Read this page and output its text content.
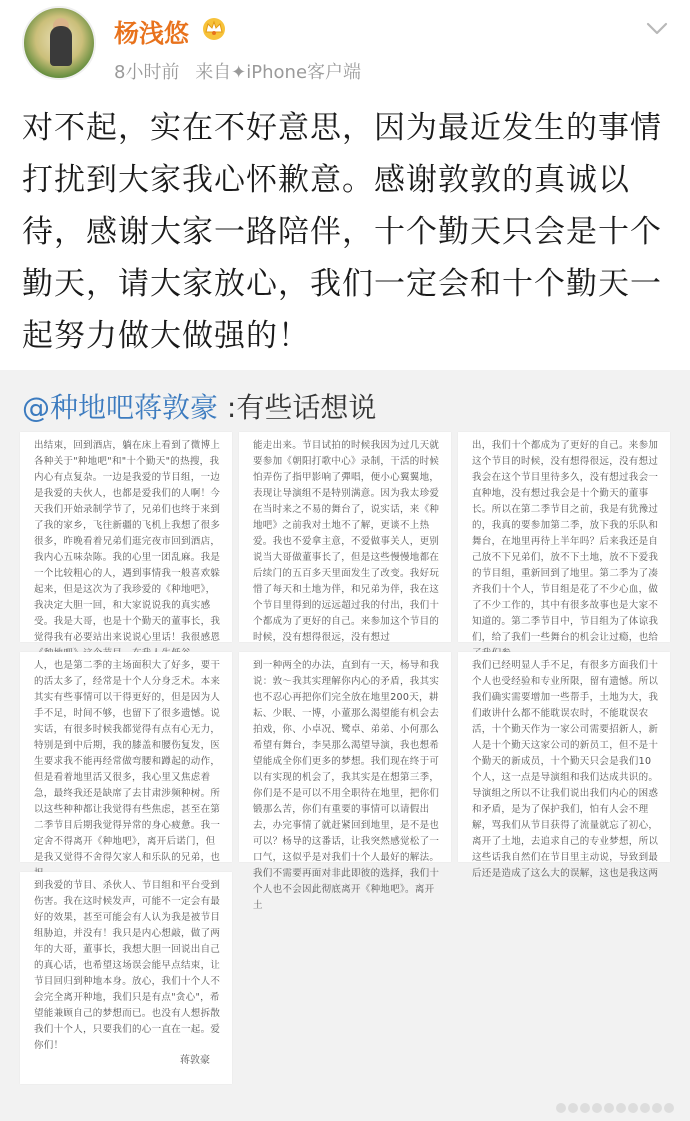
杨浅悠
8小时前 来自✦iPhone客户端
对不起，实在不好意思，因为最近发生的事情打扰到大家我心怀歉意。感谢敦敦的真诚以待，感谢大家一路陪伴，十个勤天只会是十个勤天，请大家放心，我们一定会和十个勤天一起努力做大做强的！
@种地吧蒋敦豪 :有些话想说
出结束，回到酒店，躺在床上看到了微博上各种关于"种地吧"和"十个勤天"的热搜，我内心有点复杂。一边是我爱的节目组，一边是我爱的夫伙人，也都是爱我们的人啊！今天我们开始录制学节了，兄弟们也终于来到了我的家乡，飞往新疆的飞机上我想了很多很多，昨晚看着兄弟们逛完夜市回到酒店，我内心五味杂陈。我的心里一团乱麻。我是一个比较粗心的人，遇到事情我一般喜欢躲起来，但是这次为了我珍爱的《种地吧》，我决定大胆一回，和大家说说我的真实感受。我是大哥，也是十个勤天的董事长，我觉得我有必要站出来说说心里话！我很感恩
能走出来。节目试拍的时候我因为过几天就要参加《朝阳打歌中心》录制，干活的时候怕弄伤了指甲影响了彈唱，便小心翼翼地，表现让导演组不是特别满意。因为我太珍爱在当时来之不易的舞台了，说实话，来《种地吧》之前我对土地不了解，更谈不上热爱。我也不爱拿主意，不爱做事关人，更别说当大哥做董事长了，但是这些慢慢地都在后续门的五百多天里面发生了改变。我好玩惜了每天和土地为伴，和兄弟为伴，我在这个节目里得到的远远超过我的付出，我们十个都成为了更好的自己。来参加这个节目的时候，没有想得很远，没有想过
出，我们十个都成为了更好的自己。来参加这个节目的时候，没有想得很远，没有想过我会在这个节目里待多久，没有想过我会一直种地，没有想过我会是十个勤天的董事长。所以在第二季节目之前，我是有犹豫过的，我真的要参加第二季，放下我的乐队和舞台，在地里再待上半年吗？后来我还是自己放不下兄弟们，放不下土地，放不下爱我的节目组，重新回到了地里。第二季为了凑齐我们十个人，节目组是花了不少心血，做了不少工作的，其中有很多故事也是大家不知道的。第二季节目中，节目组为了体谅我们，给了我们一些舞台的机会让过瘾，也给
人，也是第二季的主场面积大了好多，要干的活太多了，经常是十个人分身乏术。本来其实有些事情可以干得更好的，但是因为人手不足，时间不够，也留下了很多遗憾。说实话，有很多时候我都觉得有点有心无力，特别是到中后期，我的膝盖和腰伤复发，医生要求我不能再经常做弯腰和蹲起的动作，但是看着地里活又很多，我心里又焦虑着急，最终我还是缺席了去甘肃涉频种树。所以这些种种都让我觉得有些焦虑，甚至在第二季节目后期我觉得异常的身心疲惫。我一定舍不得离开《种地吧》，离开后诺门，但是我又觉得不舍得欠家人和乐队的兄弟，也
到一种两全的办法，直到有一天，杨导和我说：敦～我其实理解你内心的矛盾，我其实也不忍心再把你们完全放在地里200天，耕耘、少眠、一博，小董那么渴望能有机会去拍戏，你、小卓况、鹭卓、弟弟、小何那么希望有舞台，李昊那么渴望导演，我也想希望能成全你们更多的梦想。我们现在终于可以有实现的机会了，我其实是在想第三季，你们是不是可以不用全职待在地里，把你们锻那么苦，你们有重要的事情可以请假出去，办完事情了就赶紧回到地里，是不是也可以？杨导的这番话，让我突然感觉松了一口气，这似乎是对我们十个人最好的解法。我们不需要再面对非此即彼的选择，我们十个人也不会因此彻底离开《种地吧》。离开土
我们已经明显人手不足，有很多方面我们十个人也受经验和专业所限，留有遗憾。所以我们确实需要增加一些帮手，土地为大，我们敢讲什么都不能耽误农时，不能耽误农活，十个勤天作为一家公司需要招新人，新人是十个勤天这家公司的新员工，但不是十个勤天的新成员，十个勤天只会是我们10个人，这一点是导演组和我们达成共识的。导演组之所以不让我们说出我们内心的困惑和矛盾，是为了保护我们，怕有人会不理解，骂我们从节目获得了流量就忘了初心，离开了土地，去追求自己的专业梦想，所以这些话我自然们在节目里主动说，导致到最后还是造成了这么大的误解，这也是我这两
到我爱的节目、杀伙人、节目组和平台受到伤害。我在这时候发声，可能不一定会有最好的效果，甚至可能会有人认为我是被节目组胁迫，并没有！我只是内心想敲，做了两年的大哥，董事长，我想大胆一回说出自己的真心话，也希望这场误会能早点结束，让节目回归到种地本身。放心，我们十个人不会完全离开种地，我们只是有点"贪心"，希望能兼顾自己的梦想而已。也没有人想拆散我们十个人，只要我们的心一直在一起。爱你们！
蒋敦豪
